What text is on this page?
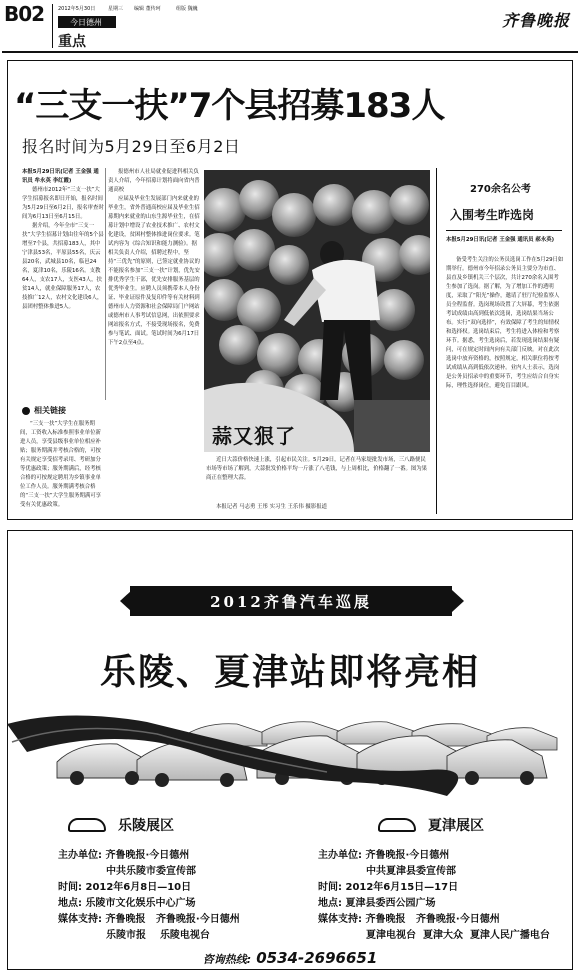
B02	2012年5月30日	星期三 编辑 董传珂	组版 魏巍
今日德州
重点
齐鲁晚报
“三支一扶”7个县招募183人
报名时间为5月29日至6月2日
本报5月29日讯(记者 王金强 通讯员 牟永英 李红霞)

德州市2012年“三支一扶”大学生招募报名即日开始，报名时间为5月29日至6月2日，报名审查时间为6月13日至6月15日。

据介绍，今年全市“三支一扶”大学生招募计划由往年的5个县增至7个县，共招募183人，其中宁津县53名，平原县55名，庆云县20名，武城县10名，临邑24名，夏津10名，乐陵16名。支教64人，支农17人，支医43人，扶贫14人，就业保障服务17人，农技推广12人，农村文化建设6人，县团村整体推进5人。

报德州市人社局就业促进科相关负责人介绍，今年招募计划将面向省内普通高校

应届及毕业生发展部门内来就业的毕业生，省外普通高校应届及毕业生招募期内来就业的山东生源毕业生，在招募计划中增设了农业技术推广、农村文化建设，贫困村整体推进岗位要求。笔试内容为《综合知识和能力测验》。据相关负责人介绍，招聘过程中，坚持“三优先”的原则，已签定就业协议的不能报名参加“三支一扶”计划，优先安排优秀学生干部，优先安排服务基层的优秀毕业生。应聘人员须携带本人身份证、毕业证原件及复印件等有关材料到德州市人力资源和社会保障局门户网站或德州市人事考试信息网，出依照要求网站报名方式，不接受现场报名，免费参与笔试、面试。笔试时间为6月17日下午2点至4点。

相关链接
“三支一扶”大学生在服务期间，工资收入标准参照事业单位新进人员，享受县级事业单位相应补贴；服务期满并考核合格的，可按有关规定享受招考录用、考研加分等优惠政策；服务期满后，经考核合格的可按规定聘用为乡镇事业单位工作人员。服务期满考核合格的“三支一扶”大学生服务期满可享受有关优惠政策。
蒜又狠了
近日大蒜价格快速上涨，引起市民关注。5月29日，记者在马家堤批发市场，三八路便民市场等市场了解到，大蒜批发价格平均一斤涨了八毛钱，与上周相比，价格翻了一番。图为果商正在整理大蒜。
本报记者 马志勇 王彤 实习生 王乐伟 摄影报道
270余名公考
入围考生昨选岗
本报5月29日讯(记者 王金强 通讯员 郝永英)
备受考生关注的公务员选岗工作在5月29日如期举行。德州市今年招录公务员主要分为市直、县直及乡镇机关三个层次，共计270余名入围考生参加了选岗。据了解，为了增加工作的透明度，采取了“阳光”操作，邀请了驻厅纪检监察人员全程监督。选岗现场设置了大屏幕，考生依据考试成绩由高到低依次选岗，选岗结果当场公布。实行“双向选择”，有效保障了考生的知情权和选择权。选岗结束后，考生将进入体检和考察环节。据悉，考生选岗后，若发现选岗结果有疑问，可在规定时间内向有关部门反映。对在此次选岗中放弃资格的，按照规定，相关职位将按考试成绩从高到低依次递补。业内人士表示，选岗是公务员招录中的重要环节，考生应结合自身实际，理性选择岗位，避免盲目跟风。
2012齐鲁汽车巡展
乐陵、夏津站即将亮相
乐陵展区	夏津展区
主办单位: 齐鲁晚报·今日德州
中共乐陵市委宣传部
时间: 2012年6月8日—10日
地点: 乐陵市文化娱乐中心广场
媒体支持: 齐鲁晚报 齐鲁晚报·今日德州
乐陵市报 乐陵电视台
主办单位: 齐鲁晚报·今日德州
中共夏津县委宣传部
时间: 2012年6月15日—17日
地点: 夏津县委西公园广场
媒体支持: 齐鲁晚报 齐鲁晚报·今日德州
夏津电视台 夏津大众 夏津人民广播电台
咨询热线: 0534-2696651
